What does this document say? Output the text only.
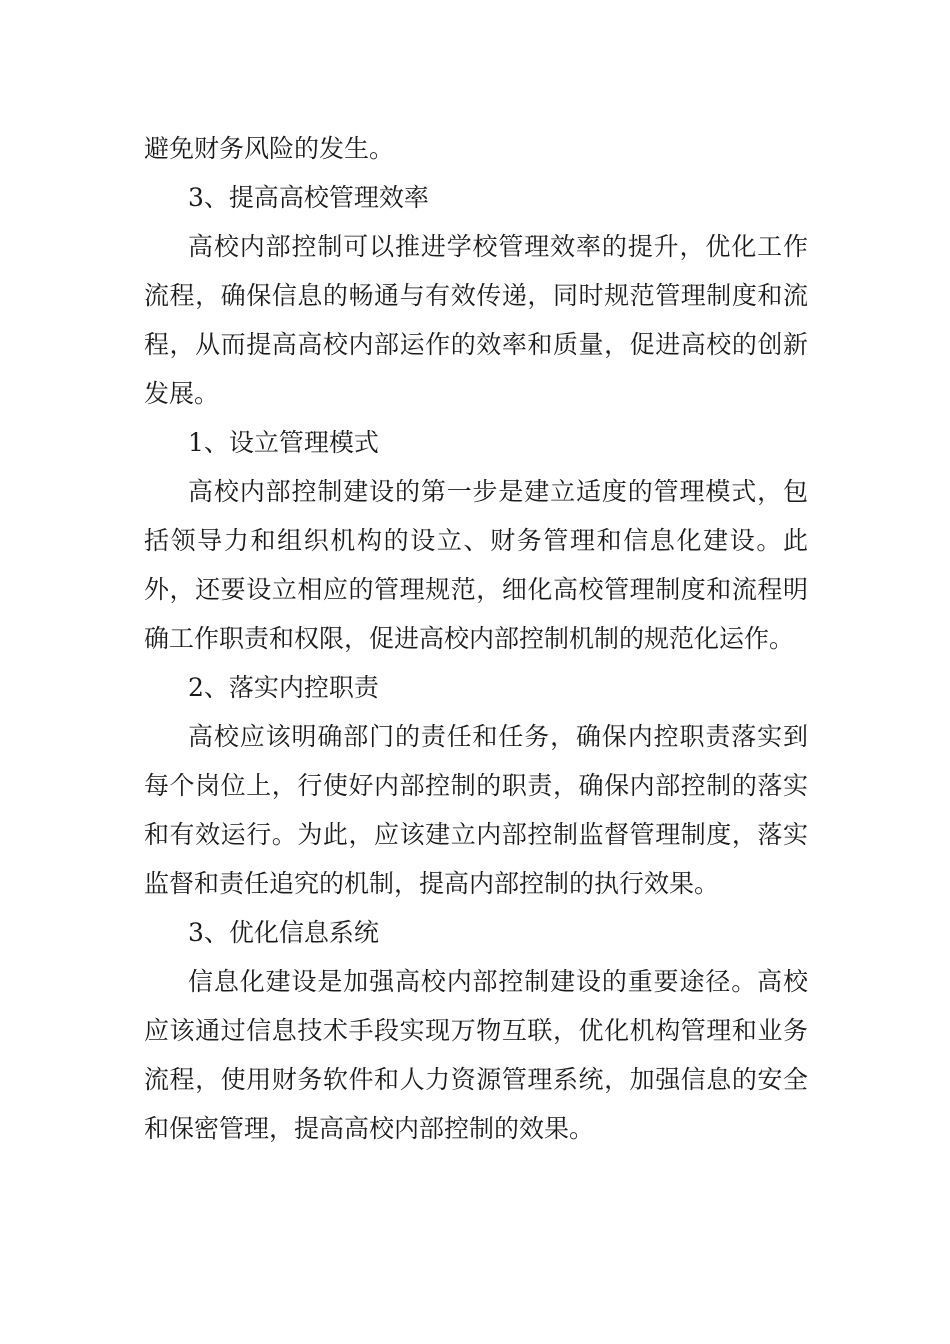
避免财务风险的发生。

3、提高高校管理效率

高校内部控制可以推进学校管理效率的提升，优化工作流程，确保信息的畅通与有效传递，同时规范管理制度和流程，从而提高高校内部运作的效率和质量，促进高校的创新发展。

1、设立管理模式

高校内部控制建设的第一步是建立适度的管理模式，包括领导力和组织机构的设立、财务管理和信息化建设。此外，还要设立相应的管理规范，细化高校管理制度和流程明确工作职责和权限，促进高校内部控制机制的规范化运作。

2、落实内控职责

高校应该明确部门的责任和任务，确保内控职责落实到每个岗位上，行使好内部控制的职责，确保内部控制的落实和有效运行。为此，应该建立内部控制监督管理制度，落实监督和责任追究的机制，提高内部控制的执行效果。

3、优化信息系统

信息化建设是加强高校内部控制建设的重要途径。高校应该通过信息技术手段实现万物互联，优化机构管理和业务流程，使用财务软件和人力资源管理系统，加强信息的安全和保密管理，提高高校内部控制的效果。
